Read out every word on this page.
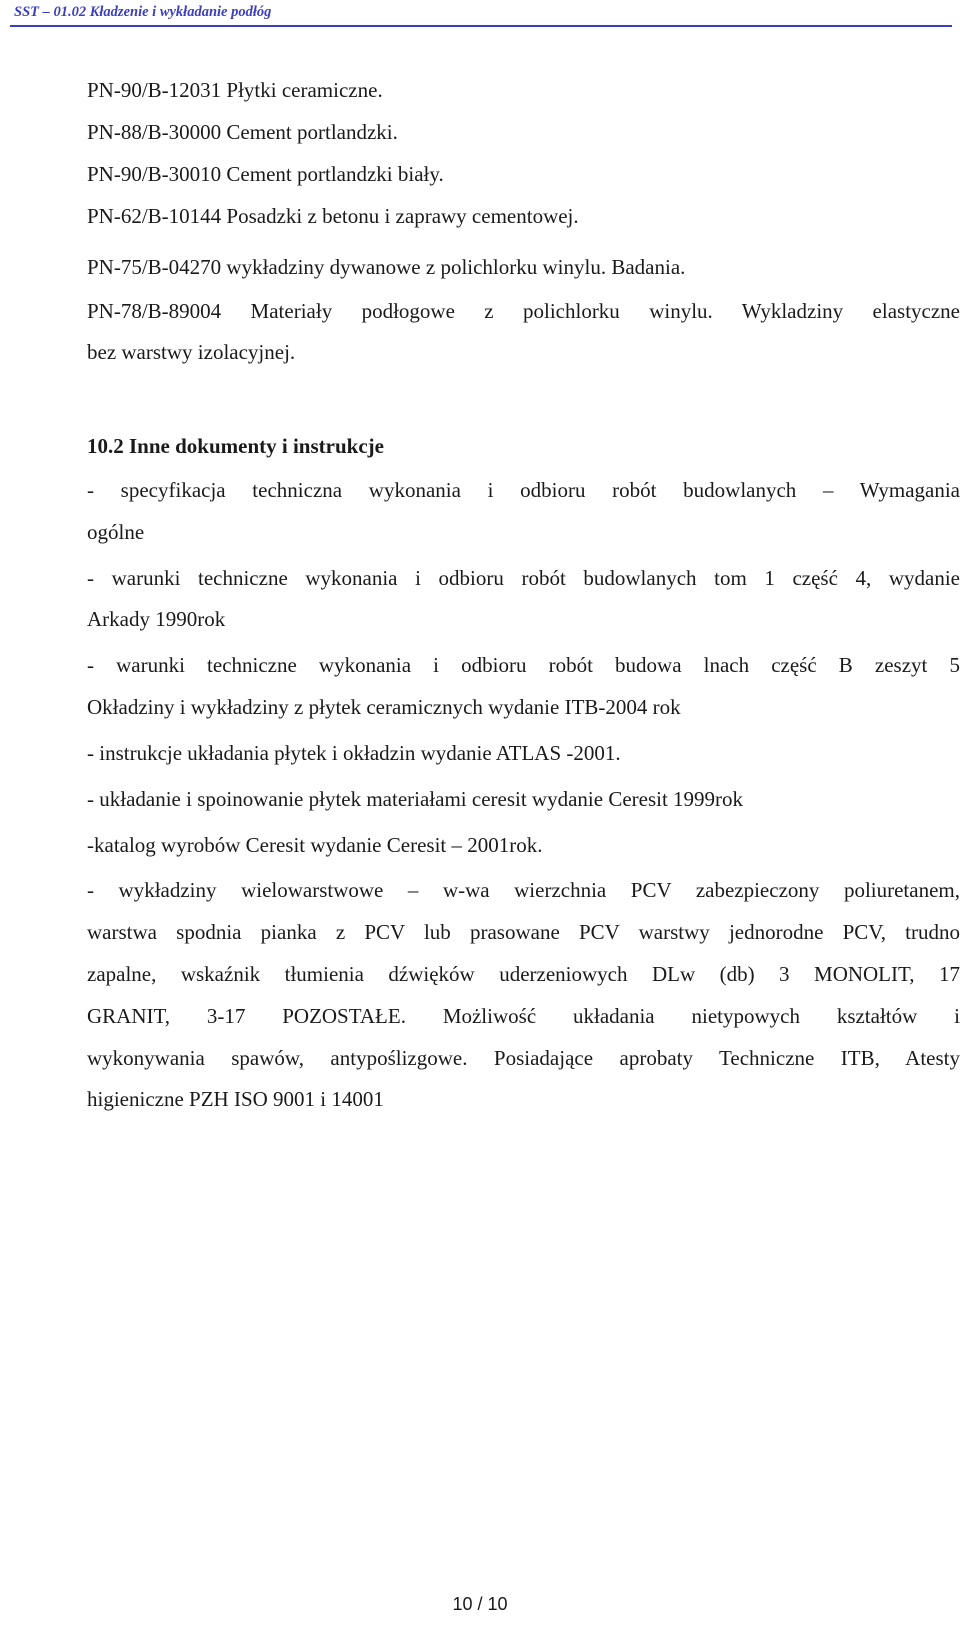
SST – 01.02 Kładzenie i wykładanie podłóg
PN-90/B-12031 Płytki ceramiczne.
PN-88/B-30000 Cement portlandzki.
PN-90/B-30010 Cement portlandzki biały.
PN-62/B-10144 Posadzki z betonu i zaprawy cementowej.
PN-75/B-04270 wykładziny dywanowe z polichlorku winylu. Badania.
PN-78/B-89004 Materiały podłogowe z polichlorku winylu. Wykladziny elastyczne
bez warstwy izolacyjnej.
10.2 Inne dokumenty i instrukcje
- specyfikacja techniczna wykonania i odbioru robót budowlanych – Wymagania
ogólne
- warunki techniczne wykonania i odbioru robót budowlanych tom 1 część 4, wydanie
Arkady 1990rok
- warunki techniczne wykonania i odbioru robót budowa lnach część B zeszyt 5
Okładziny i wykładziny z płytek ceramicznych wydanie ITB-2004 rok
- instrukcje układania płytek i okładzin wydanie ATLAS -2001.
- układanie i spoinowanie płytek materiałami ceresit wydanie Ceresit 1999rok
-katalog wyrobów Ceresit wydanie Ceresit – 2001rok.
- wykładziny wielowarstwowe – w-wa wierzchnia PCV zabezpieczony poliuretanem,
warstwa spodnia pianka z PCV lub prasowane PCV warstwy jednorodne PCV, trudno
zapalne, wskaźnik tłumienia dźwięków uderzeniowych DLw (db) 3 MONOLIT, 17
GRANIT, 3-17 POZOSTAŁE. Możliwość układania nietypowych kształtów i
wykonywania spawów, antypoślizgowe. Posiadające aprobaty Techniczne ITB, Atesty
higieniczne PZH ISO 9001 i 14001
10 / 10
